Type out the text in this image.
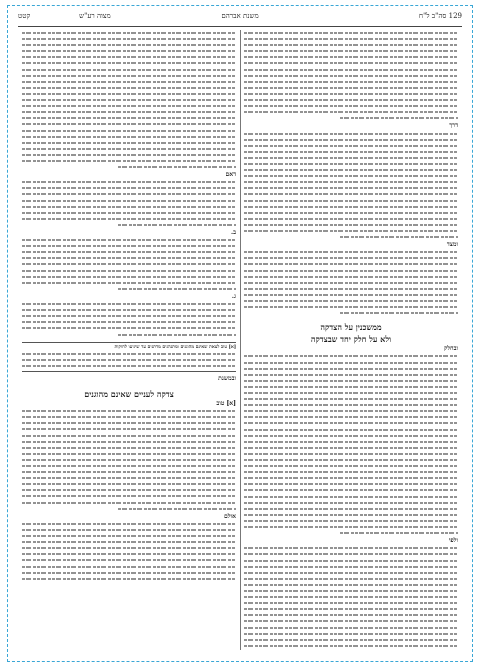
129 סה"ב ל"ח
משנת אברהם
מצוה רע"ש                      קטט
דרך
ומצד
ממשכנין על הצדקה
ולא על חלק יחד שבצדקה
ובחלק
ולפי
דאם
ב.
ג.
[א] טוב לצאת שאינם מהוגנים ומתנהגים מדתנים עד שיגיעו לחוקות
ובמשנת
צדקה לעניים שאינם מהוגנים
[א] טוב
אולם
